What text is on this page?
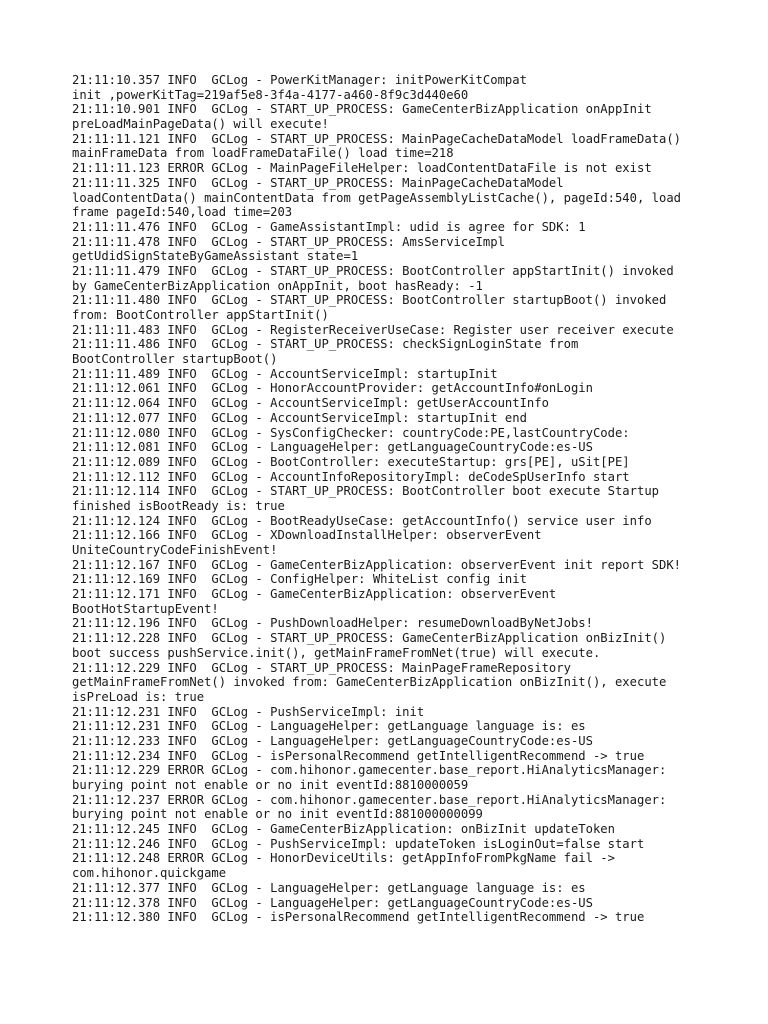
21:11:10.357 INFO  GCLog - PowerKitManager: initPowerKitCompat
init ,powerKitTag=219af5e8-3f4a-4177-a460-8f9c3d440e60
21:11:10.901 INFO  GCLog - START_UP_PROCESS: GameCenterBizApplication onAppInit
preLoadMainPageData() will execute!
21:11:11.121 INFO  GCLog - START_UP_PROCESS: MainPageCacheDataModel loadFrameData()
mainFrameData from loadFrameDataFile() load time=218
21:11:11.123 ERROR GCLog - MainPageFileHelper: loadContentDataFile is not exist
21:11:11.325 INFO  GCLog - START_UP_PROCESS: MainPageCacheDataModel
loadContentData() mainContentData from getPageAssemblyListCache(), pageId:540, load
frame pageId:540,load time=203
21:11:11.476 INFO  GCLog - GameAssistantImpl: udid is agree for SDK: 1
21:11:11.478 INFO  GCLog - START_UP_PROCESS: AmsServiceImpl
getUdidSignStateByGameAssistant state=1
21:11:11.479 INFO  GCLog - START_UP_PROCESS: BootController appStartInit() invoked
by GameCenterBizApplication onAppInit, boot hasReady: -1
21:11:11.480 INFO  GCLog - START_UP_PROCESS: BootController startupBoot() invoked
from: BootController appStartInit()
21:11:11.483 INFO  GCLog - RegisterReceiverUseCase: Register user receiver execute
21:11:11.486 INFO  GCLog - START_UP_PROCESS: checkSignLoginState from
BootController startupBoot()
21:11:11.489 INFO  GCLog - AccountServiceImpl: startupInit
21:11:12.061 INFO  GCLog - HonorAccountProvider: getAccountInfo#onLogin
21:11:12.064 INFO  GCLog - AccountServiceImpl: getUserAccountInfo
21:11:12.077 INFO  GCLog - AccountServiceImpl: startupInit end
21:11:12.080 INFO  GCLog - SysConfigChecker: countryCode:PE,lastCountryCode:
21:11:12.081 INFO  GCLog - LanguageHelper: getLanguageCountryCode:es-US
21:11:12.089 INFO  GCLog - BootController: executeStartup: grs[PE], uSit[PE]
21:11:12.112 INFO  GCLog - AccountInfoRepositoryImpl: deCodeSpUserInfo start
21:11:12.114 INFO  GCLog - START_UP_PROCESS: BootController boot execute Startup
finished isBootReady is: true
21:11:12.124 INFO  GCLog - BootReadyUseCase: getAccountInfo() service user info
21:11:12.166 INFO  GCLog - XDownloadInstallHelper: observerEvent
UniteCountryCodeFinishEvent!
21:11:12.167 INFO  GCLog - GameCenterBizApplication: observerEvent init report SDK!
21:11:12.169 INFO  GCLog - ConfigHelper: WhiteList config init
21:11:12.171 INFO  GCLog - GameCenterBizApplication: observerEvent
BootHotStartupEvent!
21:11:12.196 INFO  GCLog - PushDownloadHelper: resumeDownloadByNetJobs!
21:11:12.228 INFO  GCLog - START_UP_PROCESS: GameCenterBizApplication onBizInit()
boot success pushService.init(), getMainFrameFromNet(true) will execute.
21:11:12.229 INFO  GCLog - START_UP_PROCESS: MainPageFrameRepository
getMainFrameFromNet() invoked from: GameCenterBizApplication onBizInit(), execute
isPreLoad is: true
21:11:12.231 INFO  GCLog - PushServiceImpl: init
21:11:12.231 INFO  GCLog - LanguageHelper: getLanguage language is: es
21:11:12.233 INFO  GCLog - LanguageHelper: getLanguageCountryCode:es-US
21:11:12.234 INFO  GCLog - isPersonalRecommend getIntelligentRecommend -> true
21:11:12.229 ERROR GCLog - com.hihonor.gamecenter.base_report.HiAnalyticsManager:
burying point not enable or no init eventId:8810000059
21:11:12.237 ERROR GCLog - com.hihonor.gamecenter.base_report.HiAnalyticsManager:
burying point not enable or no init eventId:881000000099
21:11:12.245 INFO  GCLog - GameCenterBizApplication: onBizInit updateToken
21:11:12.246 INFO  GCLog - PushServiceImpl: updateToken isLoginOut=false start
21:11:12.248 ERROR GCLog - HonorDeviceUtils: getAppInfoFromPkgName fail ->
com.hihonor.quickgame
21:11:12.377 INFO  GCLog - LanguageHelper: getLanguage language is: es
21:11:12.378 INFO  GCLog - LanguageHelper: getLanguageCountryCode:es-US
21:11:12.380 INFO  GCLog - isPersonalRecommend getIntelligentRecommend -> true
